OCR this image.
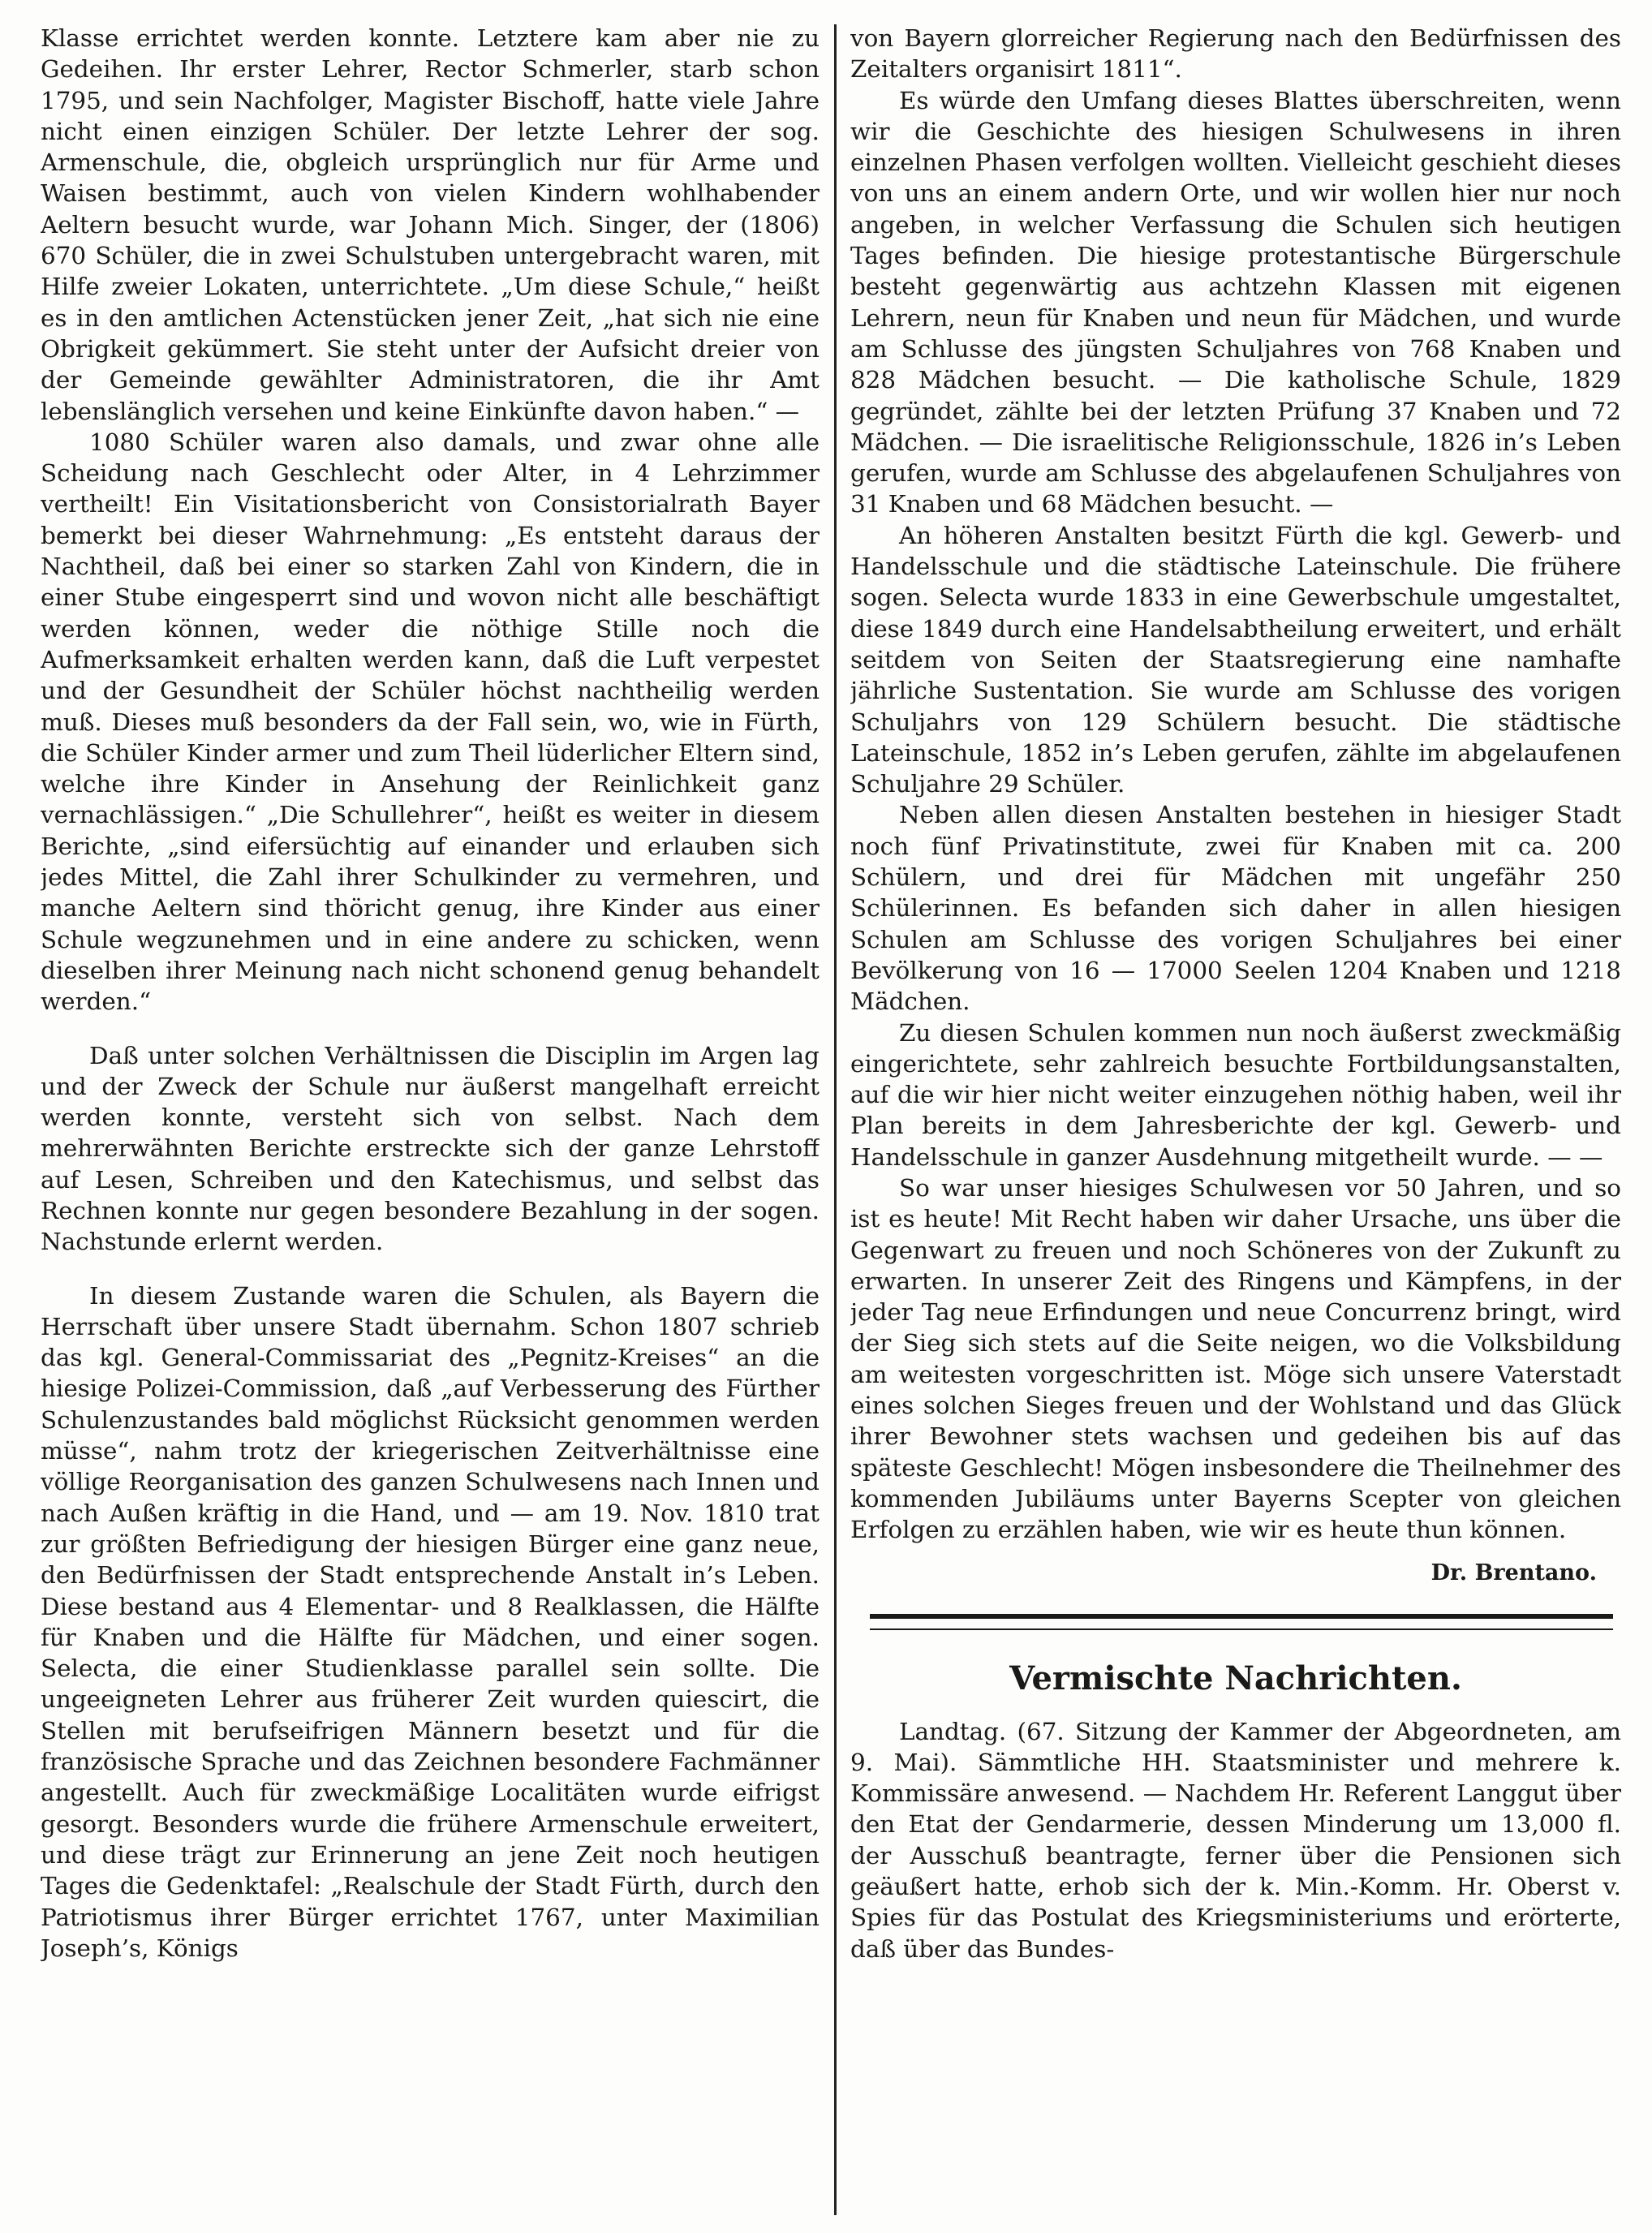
Klasse errichtet werden konnte. Letztere kam aber nie zu Gedeihen. Ihr erster Lehrer, Rector Schmerler, starb schon 1795, und sein Nachfolger, Magister Bischoff, hatte viele Jahre nicht einen einzigen Schüler. Der letzte Lehrer der sog. Armenschule, die, obgleich ursprünglich nur für Arme und Waisen bestimmt, auch von vielen Kindern wohlhabender Aeltern besucht wurde, war Johann Mich. Singer, der (1806) 670 Schüler, die in zwei Schulstuben untergebracht waren, mit Hilfe zweier Lokaten, unterrichtete. „Um diese Schule,“ heißt es in den amtlichen Actenstücken jener Zeit, „hat sich nie eine Obrigkeit gekümmert. Sie steht unter der Aufsicht dreier von der Gemeinde gewählter Administratoren, die ihr Amt lebenslänglich versehen und keine Einkünfte davon haben.“ —

1080 Schüler waren also damals, und zwar ohne alle Scheidung nach Geschlecht oder Alter, in 4 Lehrzimmer vertheilt! Ein Visitationsbericht von Consistorialrath Bayer bemerkt bei dieser Wahrnehmung: „Es entsteht daraus der Nachtheil, daß bei einer so starken Zahl von Kindern, die in einer Stube eingesperrt sind und wovon nicht alle beschäftigt werden können, weder die nöthige Stille noch die Aufmerksamkeit erhalten werden kann, daß die Luft verpestet und der Gesundheit der Schüler höchst nachtheilig werden muß. Dieses muß besonders da der Fall sein, wo, wie in Fürth, die Schüler Kinder armer und zum Theil lüderlicher Eltern sind, welche ihre Kinder in Ansehung der Reinlichkeit ganz vernachlässigen.“ „Die Schullehrer“, heißt es weiter in diesem Berichte, „sind eifersüchtig auf einander und erlauben sich jedes Mittel, die Zahl ihrer Schulkinder zu vermehren, und manche Aeltern sind thöricht genug, ihre Kinder aus einer Schule wegzunehmen und in eine andere zu schicken, wenn dieselben ihrer Meinung nach nicht schonend genug behandelt werden.“

Daß unter solchen Verhältnissen die Disciplin im Argen lag und der Zweck der Schule nur äußerst mangelhaft erreicht werden konnte, versteht sich von selbst. Nach dem mehrerwähnten Berichte erstreckte sich der ganze Lehrstoff auf Lesen, Schreiben und den Katechismus, und selbst das Rechnen konnte nur gegen besondere Bezahlung in der sogen. Nachstunde erlernt werden.

In diesem Zustande waren die Schulen, als Bayern die Herrschaft über unsere Stadt übernahm. Schon 1807 schrieb das kgl. General-Commissariat des „Pegnitz-Kreises“ an die hiesige Polizei-Commission, daß „auf Verbesserung des Fürther Schulenzustandes bald möglichst Rücksicht genommen werden müsse“, nahm trotz der kriegerischen Zeitverhältnisse eine völlige Reorganisation des ganzen Schulwesens nach Innen und nach Außen kräftig in die Hand, und — am 19. Nov. 1810 trat zur größten Befriedigung der hiesigen Bürger eine ganz neue, den Bedürfnissen der Stadt entsprechende Anstalt in’s Leben. Diese bestand aus 4 Elementar- und 8 Realklassen, die Hälfte für Knaben und die Hälfte für Mädchen, und einer sogen. Selecta, die einer Studienklasse parallel sein sollte. Die ungeeigneten Lehrer aus früherer Zeit wurden quiescirt, die Stellen mit berufseifrigen Männern besetzt und für die französische Sprache und das Zeichnen besondere Fachmänner angestellt. Auch für zweckmäßige Localitäten wurde eifrigst gesorgt. Besonders wurde die frühere Armenschule erweitert, und diese trägt zur Erinnerung an jene Zeit noch heutigen Tages die Gedenktafel: „Realschule der Stadt Fürth, durch den Patriotismus ihrer Bürger errichtet 1767, unter Maximilian Joseph’s, Königs

von Bayern glorreicher Regierung nach den Bedürfnissen des Zeitalters organisirt 1811“.

Es würde den Umfang dieses Blattes überschreiten, wenn wir die Geschichte des hiesigen Schulwesens in ihren einzelnen Phasen verfolgen wollten. Vielleicht geschieht dieses von uns an einem andern Orte, und wir wollen hier nur noch angeben, in welcher Verfassung die Schulen sich heutigen Tages befinden. Die hiesige protestantische Bürgerschule besteht gegenwärtig aus achtzehn Klassen mit eigenen Lehrern, neun für Knaben und neun für Mädchen, und wurde am Schlusse des jüngsten Schuljahres von 768 Knaben und 828 Mädchen besucht. — Die katholische Schule, 1829 gegründet, zählte bei der letzten Prüfung 37 Knaben und 72 Mädchen. — Die israelitische Religionsschule, 1826 in’s Leben gerufen, wurde am Schlusse des abgelaufenen Schuljahres von 31 Knaben und 68 Mädchen besucht. —

An höheren Anstalten besitzt Fürth die kgl. Gewerb- und Handelsschule und die städtische Lateinschule. Die frühere sogen. Selecta wurde 1833 in eine Gewerbschule umgestaltet, diese 1849 durch eine Handelsabtheilung erweitert, und erhält seitdem von Seiten der Staatsregierung eine namhafte jährliche Sustentation. Sie wurde am Schlusse des vorigen Schuljahrs von 129 Schülern besucht. Die städtische Lateinschule, 1852 in’s Leben gerufen, zählte im abgelaufenen Schuljahre 29 Schüler.

Neben allen diesen Anstalten bestehen in hiesiger Stadt noch fünf Privatinstitute, zwei für Knaben mit ca. 200 Schülern, und drei für Mädchen mit ungefähr 250 Schülerinnen. Es befanden sich daher in allen hiesigen Schulen am Schlusse des vorigen Schuljahres bei einer Bevölkerung von 16 — 17000 Seelen 1204 Knaben und 1218 Mädchen.

Zu diesen Schulen kommen nun noch äußerst zweckmäßig eingerichtete, sehr zahlreich besuchte Fortbildungsanstalten, auf die wir hier nicht weiter einzugehen nöthig haben, weil ihr Plan bereits in dem Jahresberichte der kgl. Gewerb- und Handelsschule in ganzer Ausdehnung mitgetheilt wurde. — —

So war unser hiesiges Schulwesen vor 50 Jahren, und so ist es heute! Mit Recht haben wir daher Ursache, uns über die Gegenwart zu freuen und noch Schöneres von der Zukunft zu erwarten. In unserer Zeit des Ringens und Kämpfens, in der jeder Tag neue Erfindungen und neue Concurrenz bringt, wird der Sieg sich stets auf die Seite neigen, wo die Volksbildung am weitesten vorgeschritten ist. Möge sich unsere Vaterstadt eines solchen Sieges freuen und der Wohlstand und das Glück ihrer Bewohner stets wachsen und gedeihen bis auf das späteste Geschlecht! Mögen insbesondere die Theilnehmer des kommenden Jubiläums unter Bayerns Scepter von gleichen Erfolgen zu erzählen haben, wie wir es heute thun können.

Dr. Brentano.
Vermischte Nachrichten.

Landtag. (67. Sitzung der Kammer der Abgeordneten, am 9. Mai). Sämmtliche HH. Staatsminister und mehrere k. Kommissäre anwesend. — Nachdem Hr. Referent Langgut über den Etat der Gendarmerie, dessen Minderung um 13,000 fl. der Ausschuß beantragte, ferner über die Pensionen sich geäußert hatte, erhob sich der k. Min.-Komm. Hr. Oberst v. Spies für das Postulat des Kriegsministeriums und erörterte, daß über das Bundes-
